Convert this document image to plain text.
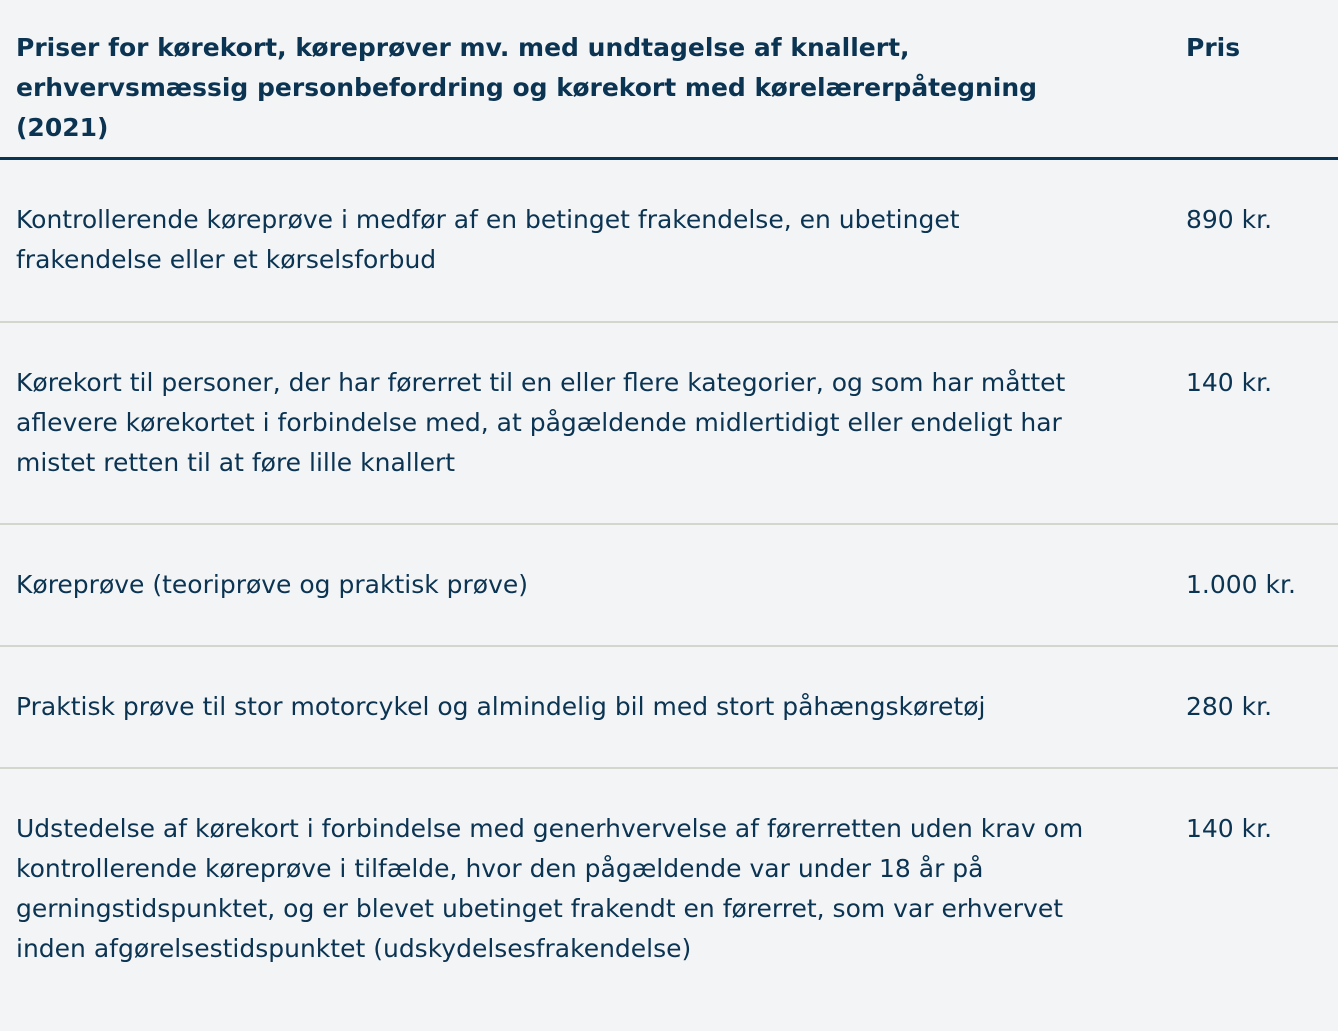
Priser for kørekort, køreprøver mv. med undtagelse af knallert, erhvervsmæssig personbefordring og kørekort med kørelærerpåtegning (2021)
Pris
Kontrollerende køreprøve i medfør af en betinget frakendelse, en ubetinget frakendelse eller et kørselsforbud
890 kr.
Kørekort til personer, der har førerret til en eller flere kategorier, og som har måttet aflevere kørekortet i forbindelse med, at pågældende midlertidigt eller endeligt har mistet retten til at føre lille knallert
140 kr.
Køreprøve (teoriprøve og praktisk prøve)	1.000 kr.
Praktisk prøve til stor motorcykel og almindelig bil med stort påhængskøretøj	280 kr.
Udstedelse af kørekort i forbindelse med generhvervelse af førerretten uden krav om kontrollerende køreprøve i tilfælde, hvor den pågældende var under 18 år på gerningstidspunktet, og er blevet ubetinget frakendt en førerret, som var erhvervet inden afgørelsestidspunktet (udskydelsesfrakendelse)
140 kr.
